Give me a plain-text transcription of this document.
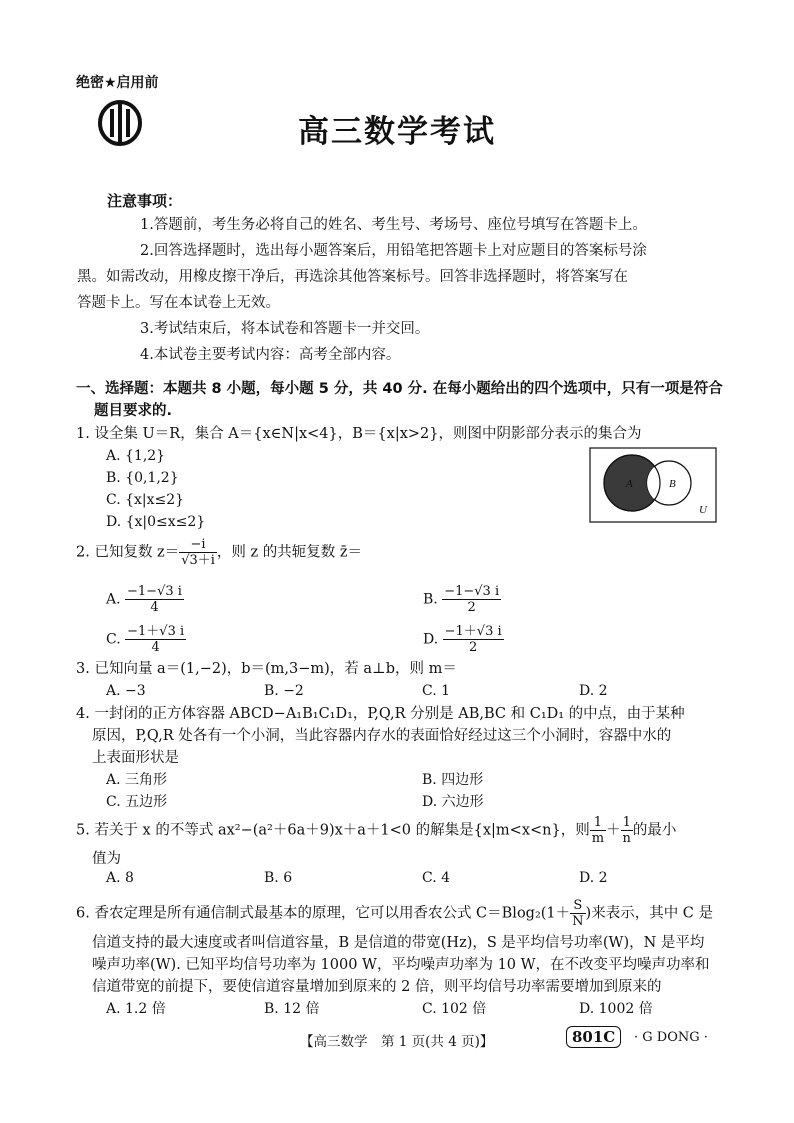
绝密★启用前
高三数学考试
注意事项：

1.答题前，考生务必将自己的姓名、考生号、考场号、座位号填写在答题卡上。

2.回答选择题时，选出每小题答案后，用铅笔把答题卡上对应题目的答案标号涂

黑。如需改动，用橡皮擦干净后，再选涂其他答案标号。回答非选择题时，将答案写在

答题卡上。写在本试卷上无效。

3.考试结束后，将本试卷和答题卡一并交回。

4.本试卷主要考试内容：高考全部内容。

一、选择题：本题共 8 小题，每小题 5 分，共 40 分. 在每小题给出的四个选项中，只有一项是符合
题目要求的.
1. 设全集 U＝R，集合 A＝{x∈N|x<4}，B＝{x|x>2}，则图中阴影部分表示的集合为
A. {1,2}
B. {0,1,2}
C. {x|x≤2}
D. {x|0≤x≤2}
A	B
U
2. 已知复数 $z= \frac{-i}{√3+i}$ ，则 z 的共轭复数 z̄＝
A. $\frac{-1-√3 i}{4}$	B. $\frac{-1-√3 i}{2}$
C. $\frac{-1+√3 i}{4}$	D. $\frac{-1+√3 i}{2}$
3. 已知向量 a＝(1,−2)，b＝(m,3−m)，若 a⊥b，则 m＝
A. −3	B. −2	C. 1	D. 2
4. 一封闭的正方体容器 ABCD−A₁B₁C₁D₁，P,Q,R 分别是 AB,BC 和 C₁D₁ 的中点，由于某种
原因，P,Q,R 处各有一个小洞，当此容器内存水的表面恰好经过这三个小洞时，容器中水的
上表面形状是
A. 三角形	B. 四边形
C. 五边形	D. 六边形
5. 若关于 x 的不等式 ax²−(a²＋6a＋9)x＋a＋1<0 的解集是{x|m<x<n}，则 $\frac{1}{m} + \frac{1}{n}$ 的最小
值为
A. 8	B. 6	C. 4	D. 2
6. 香农定理是所有通信制式最基本的原理，它可以用香农公式 $C=Blog_2(1+ \frac{S}{N}$ )来表示，其中 C 是
信道支持的最大速度或者叫信道容量，B 是信道的带宽(Hz)，S 是平均信号功率(W)，N 是平均
噪声功率(W). 已知平均信号功率为 1000 W，平均噪声功率为 10 W，在不改变平均噪声功率和
信道带宽的前提下，要使信道容量增加到原来的 2 倍，则平均信号功率需要增加到原来的
A. 1.2 倍	B. 12 倍	C. 102 倍	D. 1002 倍
【高三数学　第 1 页(共 4 页)】	801C	· G DONG ·
